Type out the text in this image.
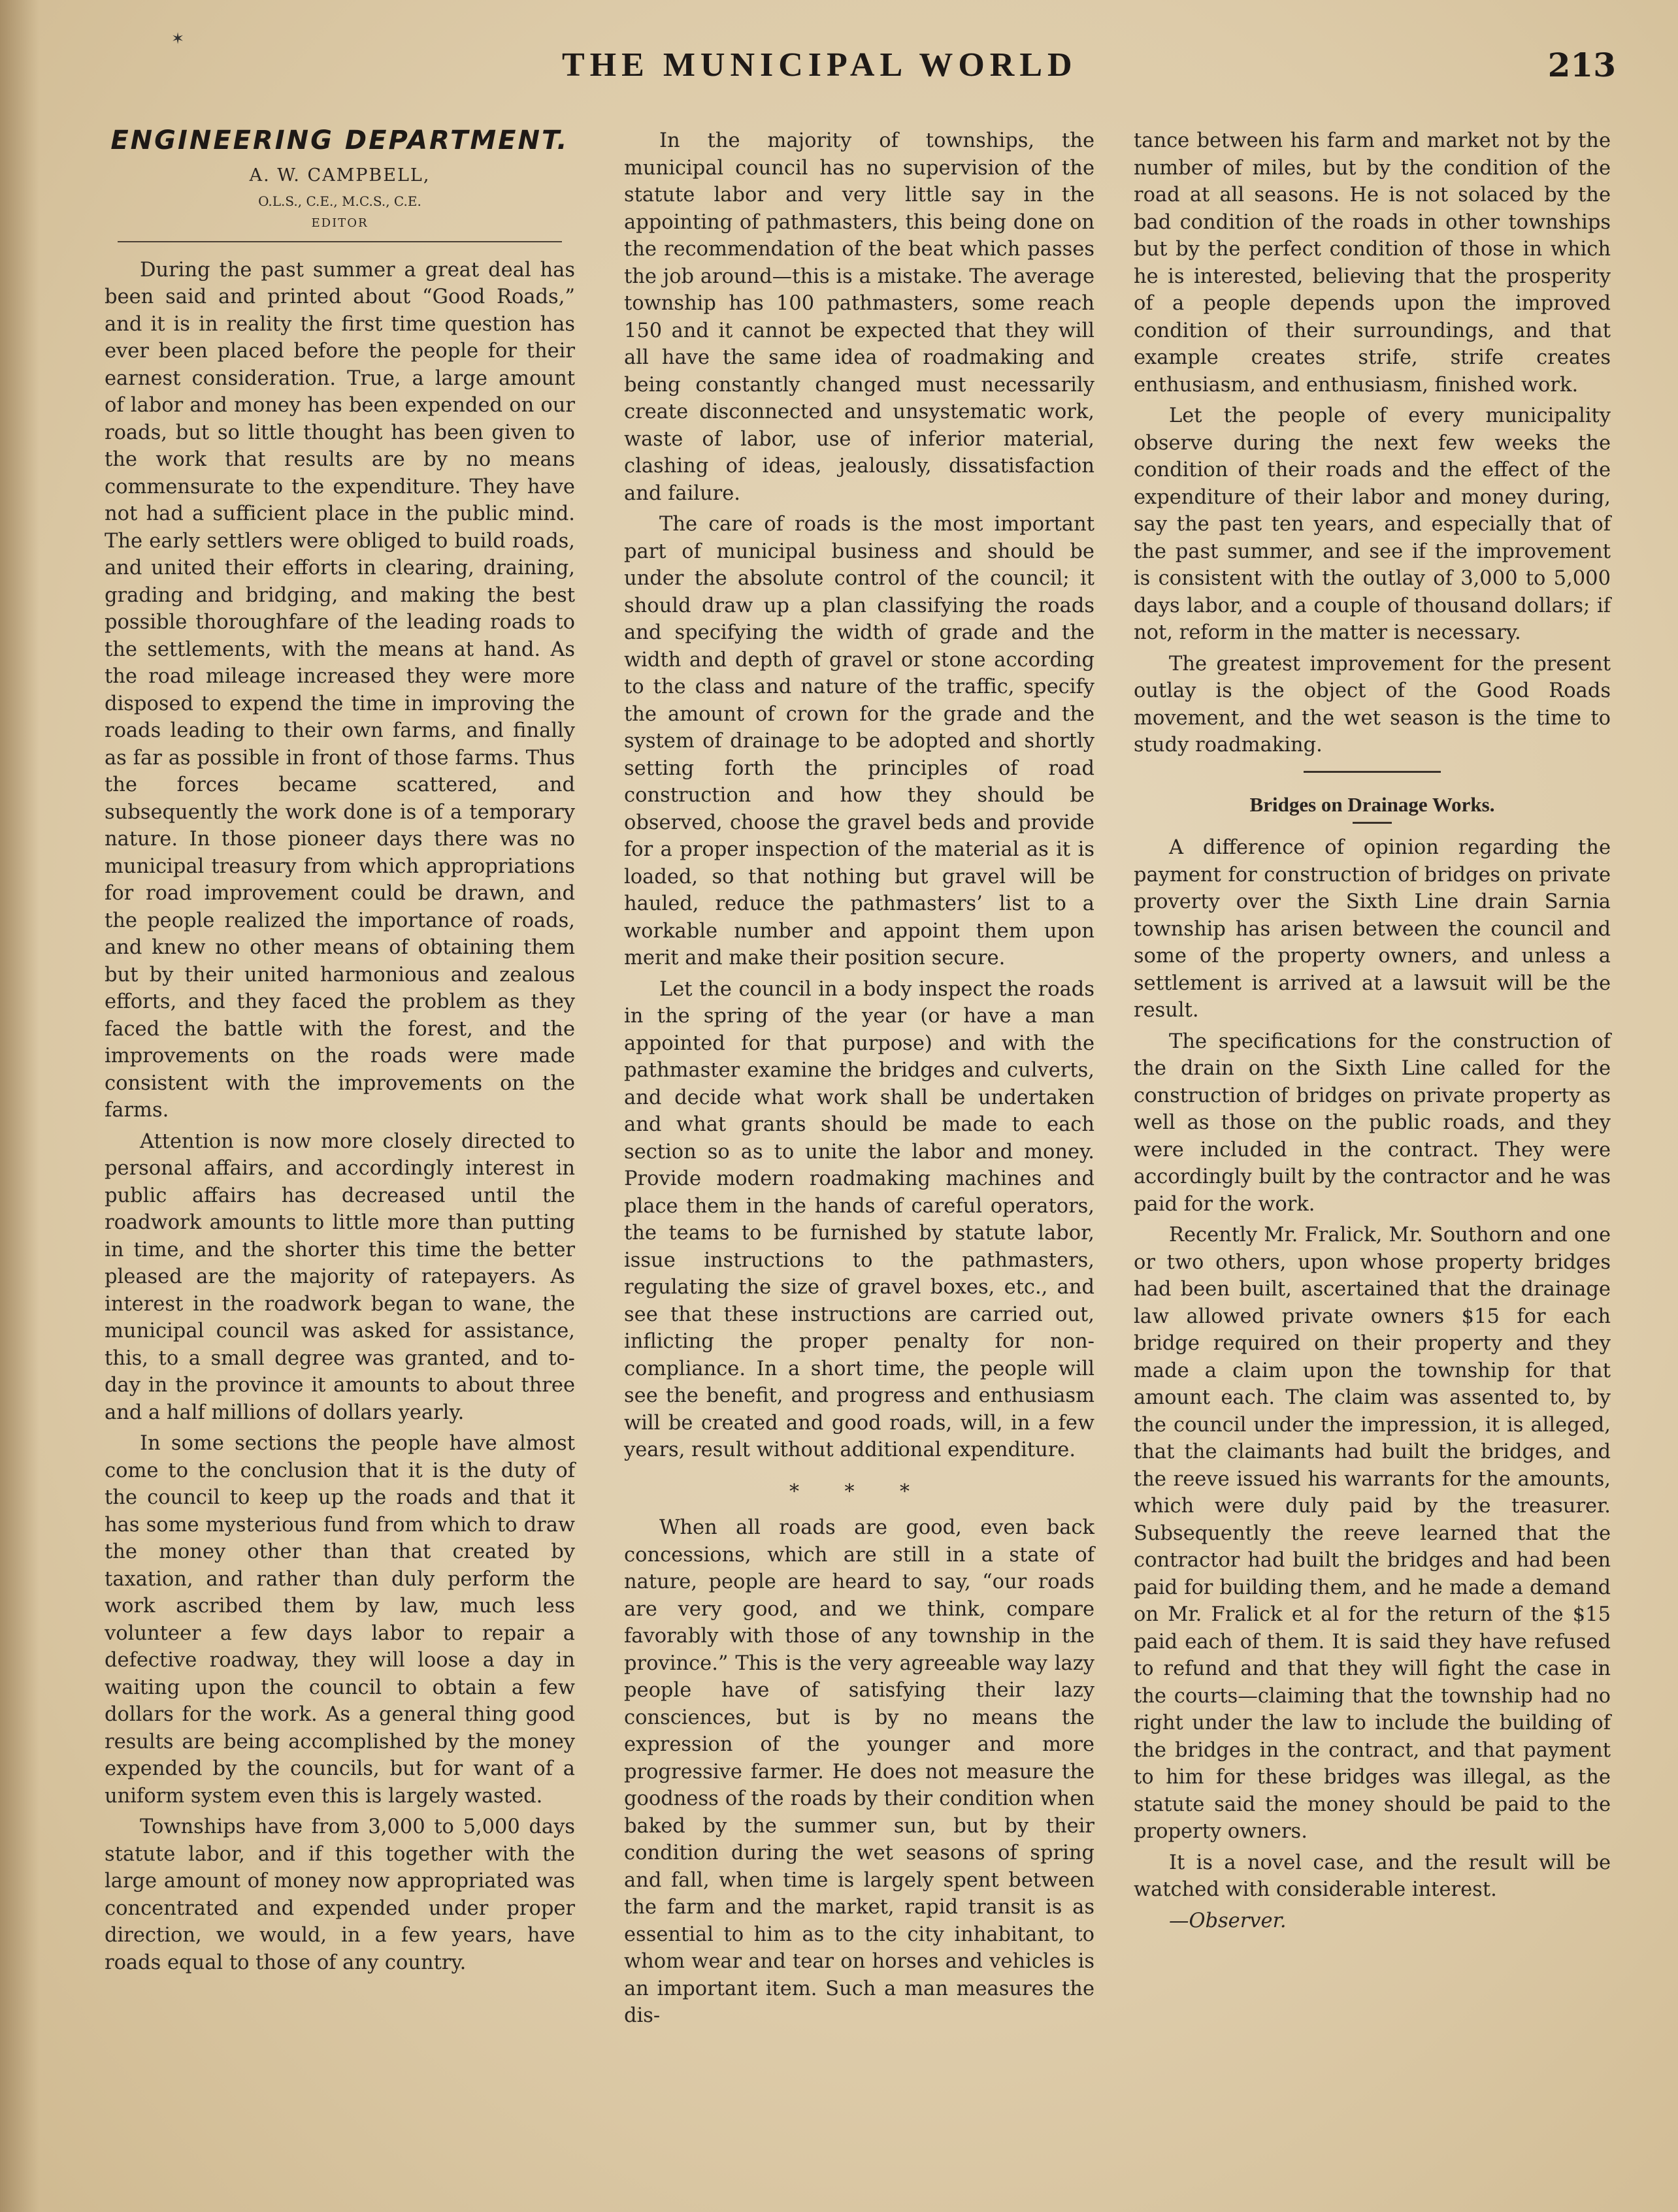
✶
THE MUNICIPAL WORLD	213
ENGINEERING DEPARTMENT.

A. W. CAMPBELL,

O.L.S., C.E., M.C.S., C.E.

EDITOR

During the past summer a great deal has been said and printed about “Good Roads,” and it is in reality the first time question has ever been placed before the people for their earnest consideration. True, a large amount of labor and money has been expended on our roads, but so little thought has been given to the work that results are by no means commensurate to the expenditure. They have not had a sufficient place in the public mind. The early settlers were obliged to build roads, and united their efforts in clearing, draining, grading and bridging, and making the best possible thoroughfare of the leading roads to the settlements, with the means at hand. As the road mileage increased they were more disposed to expend the time in improving the roads leading to their own farms, and finally as far as possible in front of those farms. Thus the forces became scattered, and subsequently the work done is of a temporary nature. In those pioneer days there was no municipal treasury from which appropriations for road improvement could be drawn, and the people realized the importance of roads, and knew no other means of obtaining them but by their united harmonious and zealous efforts, and they faced the problem as they faced the battle with the forest, and the improvements on the roads were made consistent with the improvements on the farms.

Attention is now more closely directed to personal affairs, and accordingly interest in public affairs has decreased until the roadwork amounts to little more than putting in time, and the shorter this time the better pleased are the majority of ratepayers. As interest in the roadwork began to wane, the municipal council was asked for assistance, this, to a small degree was granted, and to-day in the province it amounts to about three and a half millions of dollars yearly.

In some sections the people have almost come to the conclusion that it is the duty of the council to keep up the roads and that it has some mysterious fund from which to draw the money other than that created by taxation, and rather than duly perform the work ascribed them by law, much less volunteer a few days labor to repair a defective roadway, they will loose a day in waiting upon the council to obtain a few dollars for the work. As a general thing good results are being accomplished by the money expended by the councils, but for want of a uniform system even this is largely wasted.

Townships have from 3,000 to 5,000 days statute labor, and if this together with the large amount of money now appropriated was concentrated and expended under proper direction, we would, in a few years, have roads equal to those of any country.

In the majority of townships, the municipal council has no supervision of the statute labor and very little say in the appointing of pathmasters, this being done on the recommendation of the beat which passes the job around—this is a mistake. The average township has 100 pathmasters, some reach 150 and it cannot be expected that they will all have the same idea of roadmaking and being constantly changed must necessarily create disconnected and unsystematic work, waste of labor, use of inferior material, clashing of ideas, jealously, dissatisfaction and failure.

The care of roads is the most important part of municipal business and should be under the absolute control of the council; it should draw up a plan classifying the roads and specifying the width of grade and the width and depth of gravel or stone according to the class and nature of the traffic, specify the amount of crown for the grade and the system of drainage to be adopted and shortly setting forth the principles of road construction and how they should be observed, choose the gravel beds and provide for a proper inspection of the material as it is loaded, so that nothing but gravel will be hauled, reduce the pathmasters’ list to a workable number and appoint them upon merit and make their position secure.

Let the council in a body inspect the roads in the spring of the year (or have a man appointed for that purpose) and with the pathmaster examine the bridges and culverts, and decide what work shall be undertaken and what grants should be made to each section so as to unite the labor and money. Provide modern roadmaking machines and place them in the hands of careful operators, the teams to be furnished by statute labor, issue instructions to the pathmasters, regulating the size of gravel boxes, etc., and see that these instructions are carried out, inflicting the proper penalty for non-compliance. In a short time, the people will see the benefit, and progress and enthusiasm will be created and good roads, will, in a few years, result without additional expenditure.

* * *

When all roads are good, even back concessions, which are still in a state of nature, people are heard to say, “our roads are very good, and we think, compare favorably with those of any township in the province.” This is the very agreeable way lazy people have of satisfying their lazy consciences, but is by no means the expression of the younger and more progressive farmer. He does not measure the goodness of the roads by their condition when baked by the summer sun, but by their condition during the wet seasons of spring and fall, when time is largely spent between the farm and the market, rapid transit is as essential to him as to the city inhabitant, to whom wear and tear on horses and vehicles is an important item. Such a man measures the dis-

tance between his farm and market not by the number of miles, but by the condition of the road at all seasons. He is not solaced by the bad condition of the roads in other townships but by the perfect condition of those in which he is interested, believing that the prosperity of a people depends upon the improved condition of their surroundings, and that example creates strife, strife creates enthusiasm, and enthusiasm, finished work.

Let the people of every municipality observe during the next few weeks the condition of their roads and the effect of the expenditure of their labor and money during, say the past ten years, and especially that of the past summer, and see if the improvement is consistent with the outlay of 3,000 to 5,000 days labor, and a couple of thousand dollars; if not, reform in the matter is necessary.

The greatest improvement for the present outlay is the object of the Good Roads movement, and the wet season is the time to study roadmaking.

Bridges on Drainage Works.

A difference of opinion regarding the payment for construction of bridges on private proverty over the Sixth Line drain Sarnia township has arisen between the council and some of the property owners, and unless a settlement is arrived at a lawsuit will be the result.

The specifications for the construction of the drain on the Sixth Line called for the construction of bridges on private property as well as those on the public roads, and they were included in the contract. They were accordingly built by the contractor and he was paid for the work.

Recently Mr. Fralick, Mr. Southorn and one or two others, upon whose property bridges had been built, ascertained that the drainage law allowed private owners $15 for each bridge required on their property and they made a claim upon the township for that amount each. The claim was assented to, by the council under the impression, it is alleged, that the claimants had built the bridges, and the reeve issued his warrants for the amounts, which were duly paid by the treasurer. Subsequently the reeve learned that the contractor had built the bridges and had been paid for building them, and he made a demand on Mr. Fralick et al for the return of the $15 paid each of them. It is said they have refused to refund and that they will fight the case in the courts—claiming that the township had no right under the law to include the building of the bridges in the contract, and that payment to him for these bridges was illegal, as the statute said the money should be paid to the property owners.

It is a novel case, and the result will be watched with considerable interest.

—Observer.
